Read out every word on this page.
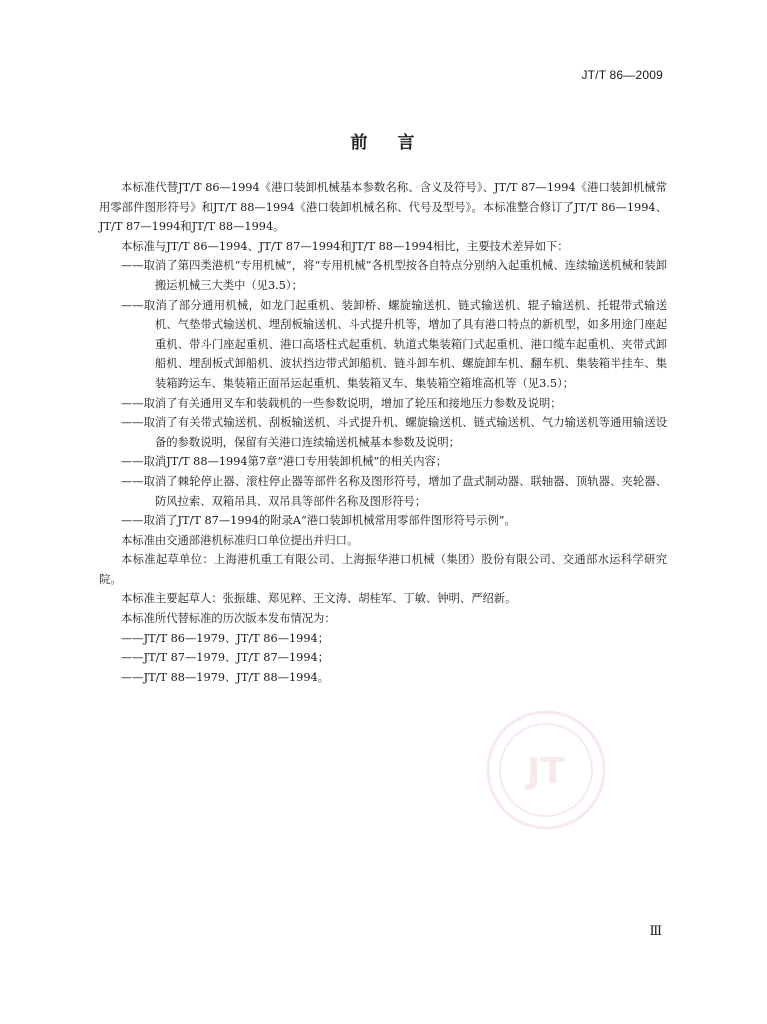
JT/T 86—2009
前 言

本标准代替JT/T 86—1994《港口装卸机械基本参数名称、含义及符号》、JT/T 87—1994《港口装卸机械常用零部件图形符号》和JT/T 88—1994《港口装卸机械名称、代号及型号》。本标准整合修订了JT/T 86—1994、JT/T 87—1994和JT/T 88—1994。

本标准与JT/T 86—1994、JT/T 87—1994和JT/T 88—1994相比，主要技术差异如下：

——取消了第四类港机“专用机械”，将“专用机械”各机型按各自特点分别纳入起重机械、连续输送机械和装卸搬运机械三大类中（见3.5）；

——取消了部分通用机械，如龙门起重机、装卸桥、螺旋输送机、链式输送机、辊子输送机、托辊带式输送机、气垫带式输送机、埋刮板输送机、斗式提升机等，增加了具有港口特点的新机型，如多用途门座起重机、带斗门座起重机、港口高塔柱式起重机、轨道式集装箱门式起重机、港口缆车起重机、夹带式卸船机、埋刮板式卸船机、波状挡边带式卸船机、链斗卸车机、螺旋卸车机、翻车机、集装箱半挂车、集装箱跨运车、集装箱正面吊运起重机、集装箱叉车、集装箱空箱堆高机等（见3.5）；

——取消了有关通用叉车和装载机的一些参数说明，增加了轮压和接地压力参数及说明；

——取消了有关带式输送机、刮板输送机、斗式提升机、螺旋输送机、链式输送机、气力输送机等通用输送设备的参数说明，保留有关港口连续输送机械基本参数及说明；

——取消JT/T 88—1994第7章“港口专用装卸机械”的相关内容；

——取消了棘轮停止器、滚柱停止器等部件名称及图形符号，增加了盘式制动器、联轴器、顶轨器、夹轮器、防风拉索、双箱吊具、双吊具等部件名称及图形符号；

——取消了JT/T 87—1994的附录A“港口装卸机械常用零部件图形符号示例”。

本标准由交通部港机标准归口单位提出并归口。

本标准起草单位：上海港机重工有限公司、上海振华港口机械（集团）股份有限公司、交通部水运科学研究院。

本标准主要起草人：张振雄、郑见粹、王文涛、胡桂军、丁敏、钟明、严绍新。

本标准所代替标准的历次版本发布情况为：

——JT/T 86—1979、JT/T 86—1994；

——JT/T 87—1979、JT/T 87—1994；

——JT/T 88—1979、JT/T 88—1994。

JT
Ⅲ
